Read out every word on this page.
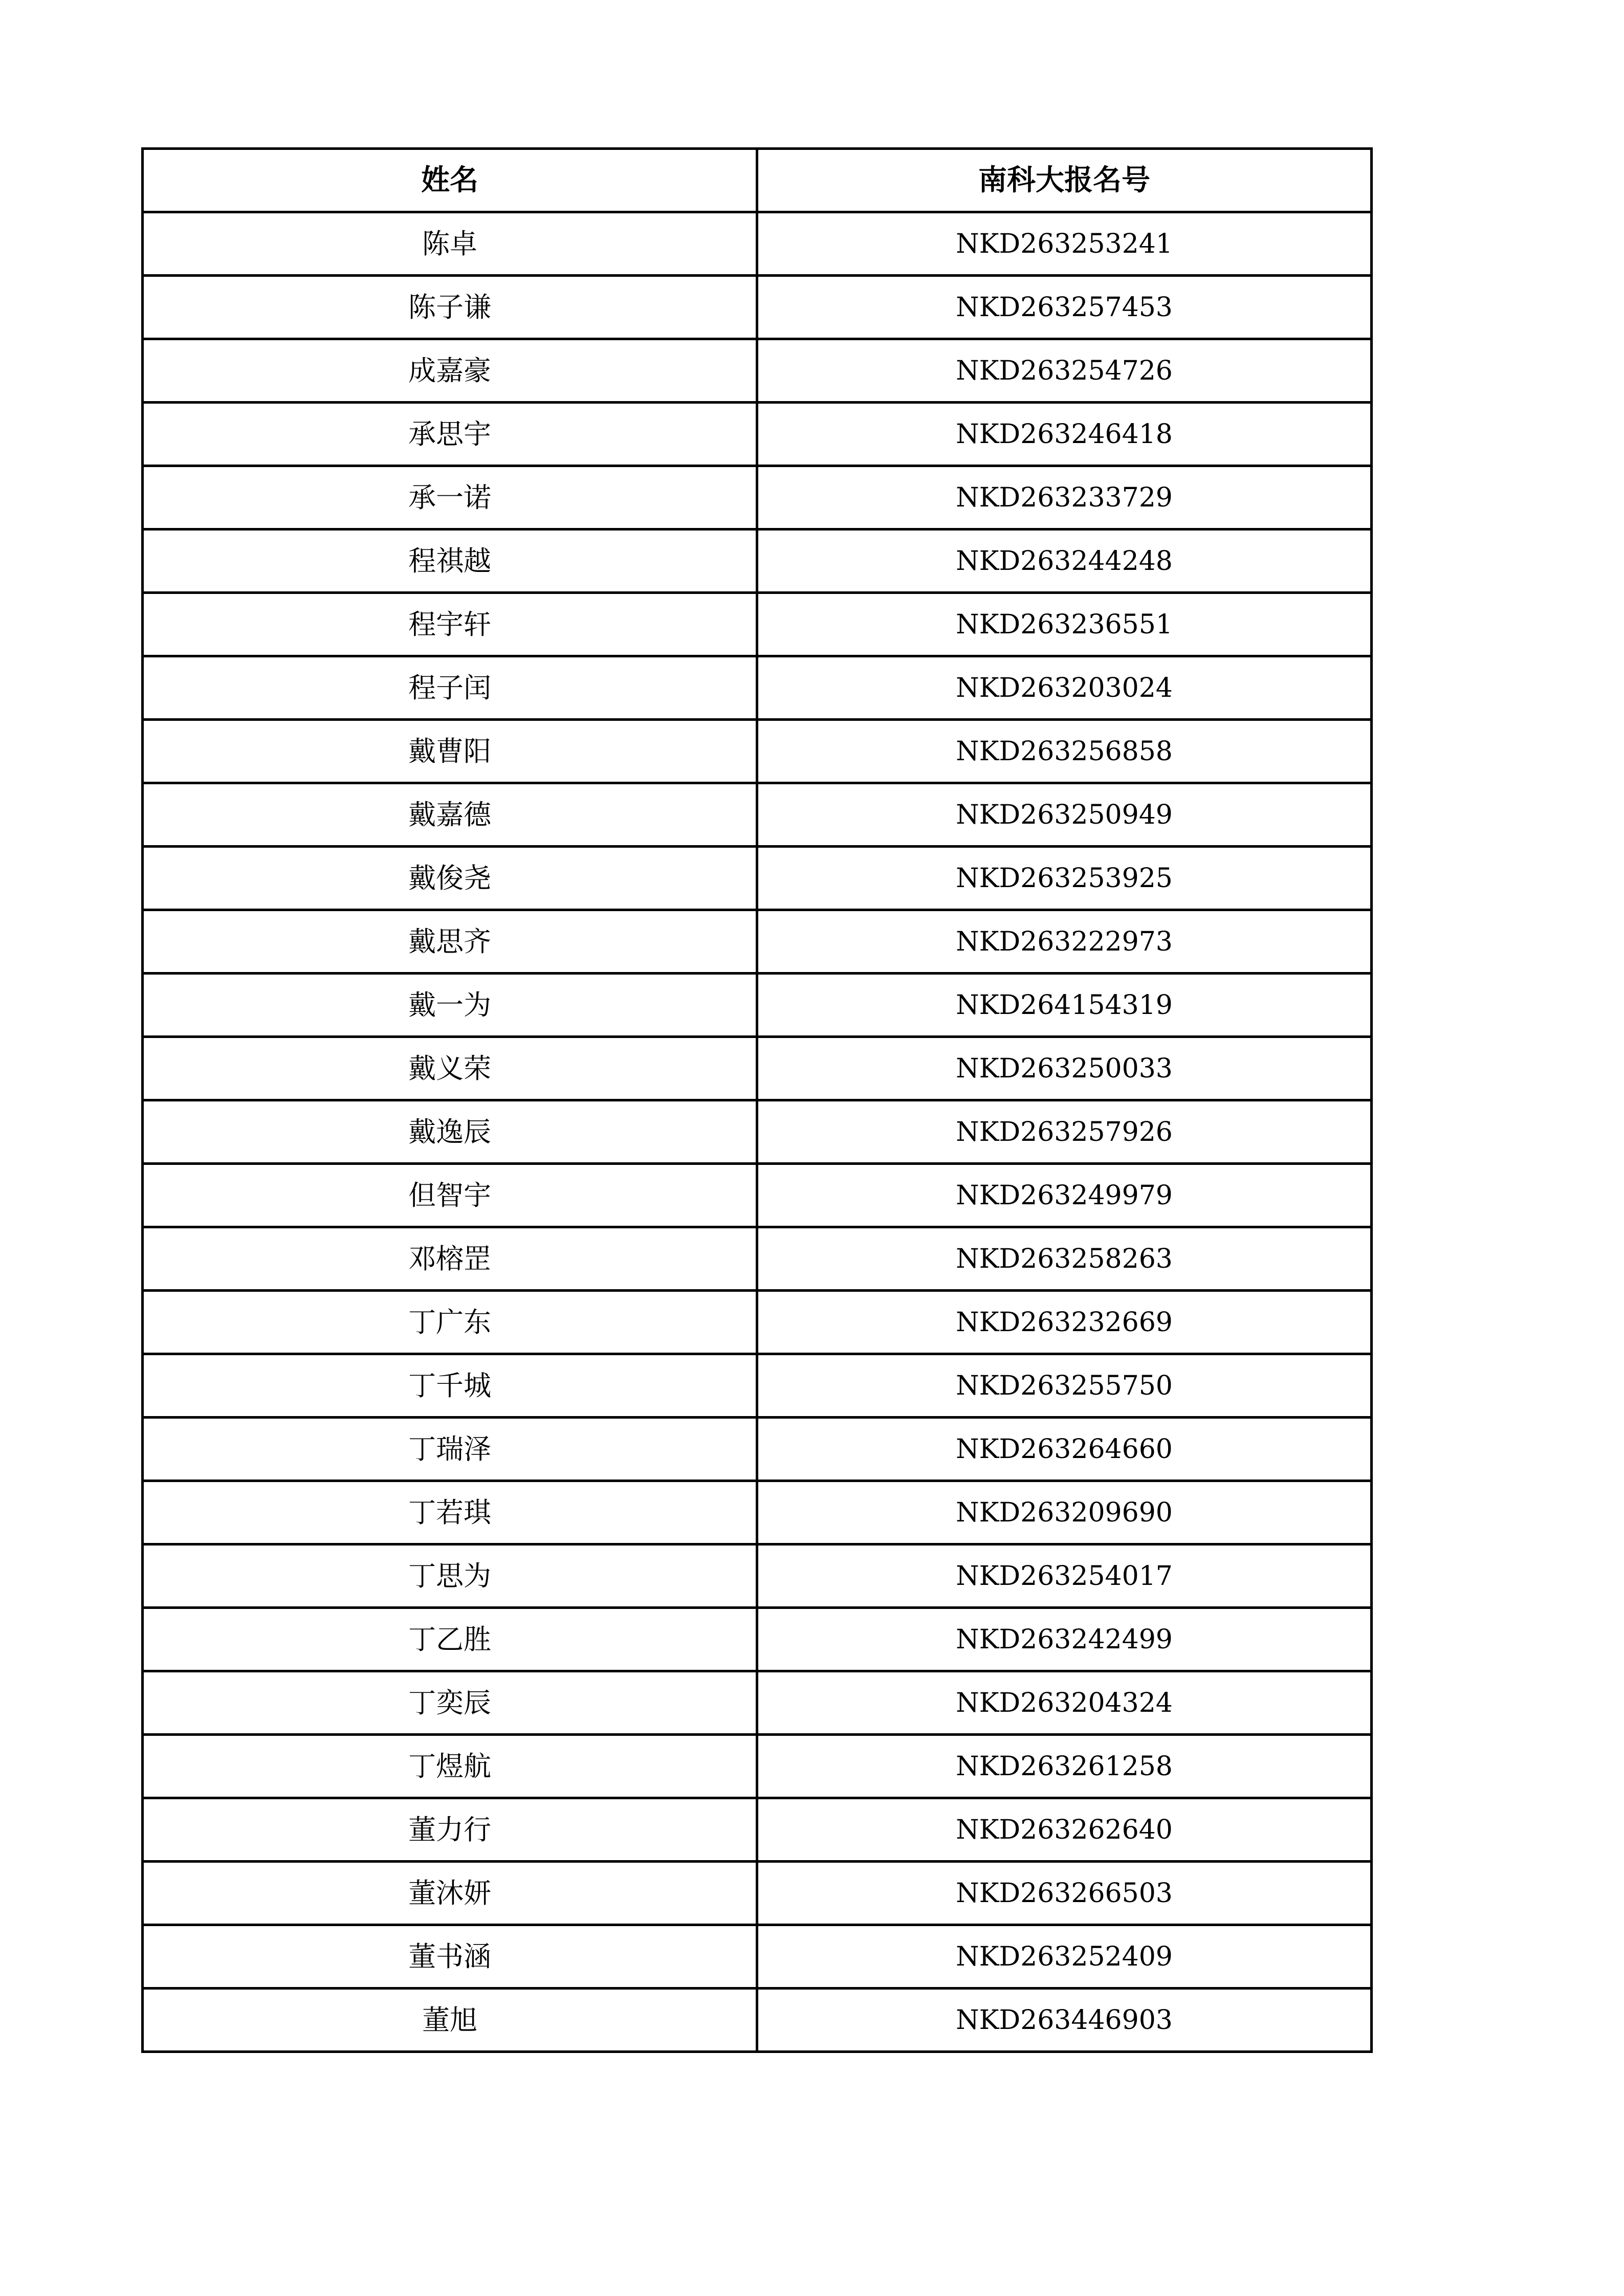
姓名	南科大报名号
陈卓	NKD263253241
陈子谦	NKD263257453
成嘉豪	NKD263254726
承思宇	NKD263246418
承一诺	NKD263233729
程祺越	NKD263244248
程宇轩	NKD263236551
程子闰	NKD263203024
戴曹阳	NKD263256858
戴嘉德	NKD263250949
戴俊尧	NKD263253925
戴思齐	NKD263222973
戴一为	NKD264154319
戴义荣	NKD263250033
戴逸辰	NKD263257926
但智宇	NKD263249979
邓榕罡	NKD263258263
丁广东	NKD263232669
丁千城	NKD263255750
丁瑞泽	NKD263264660
丁若琪	NKD263209690
丁思为	NKD263254017
丁乙胜	NKD263242499
丁奕辰	NKD263204324
丁煜航	NKD263261258
董力行	NKD263262640
董沐妍	NKD263266503
董书涵	NKD263252409
董旭	NKD263446903
